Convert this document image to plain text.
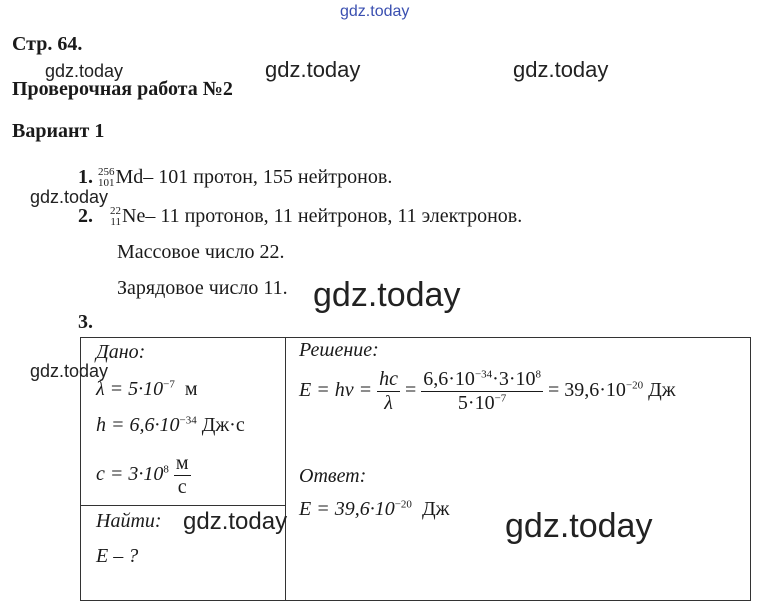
gdz.today
Стр. 64.
gdz.today	gdz.today	gdz.today
Проверочная работа №2
Вариант 1
1. 256
101 Md– 101 протон, 155 нейтронов.
gdz.today
2. 22
11 Ne– 11 протонов, 11 нейтронов, 11 электронов.
Массовое число 22.
Зарядовое число 11. gdz.today
3.
Дано:
gdz.today
$\lambda = 5\cdot 10^{-7}$ м
$h = 6,6\cdot 10^{-34}$ Дж·с
$c = 3\cdot 10^8 \frac{м}{с}$
Найти: gdz.today
E – ?
Решение:
$E = h\nu = \frac{hc}{\lambda} = \frac{6,6\cdot 10^{-34}\cdot 3\cdot 10^8}{5\cdot 10^{-7}} = 39,6\cdot 10^{-20}$ Дж
Ответ:
$E = 39,6\cdot 10^{-20}$ Дж gdz.today
